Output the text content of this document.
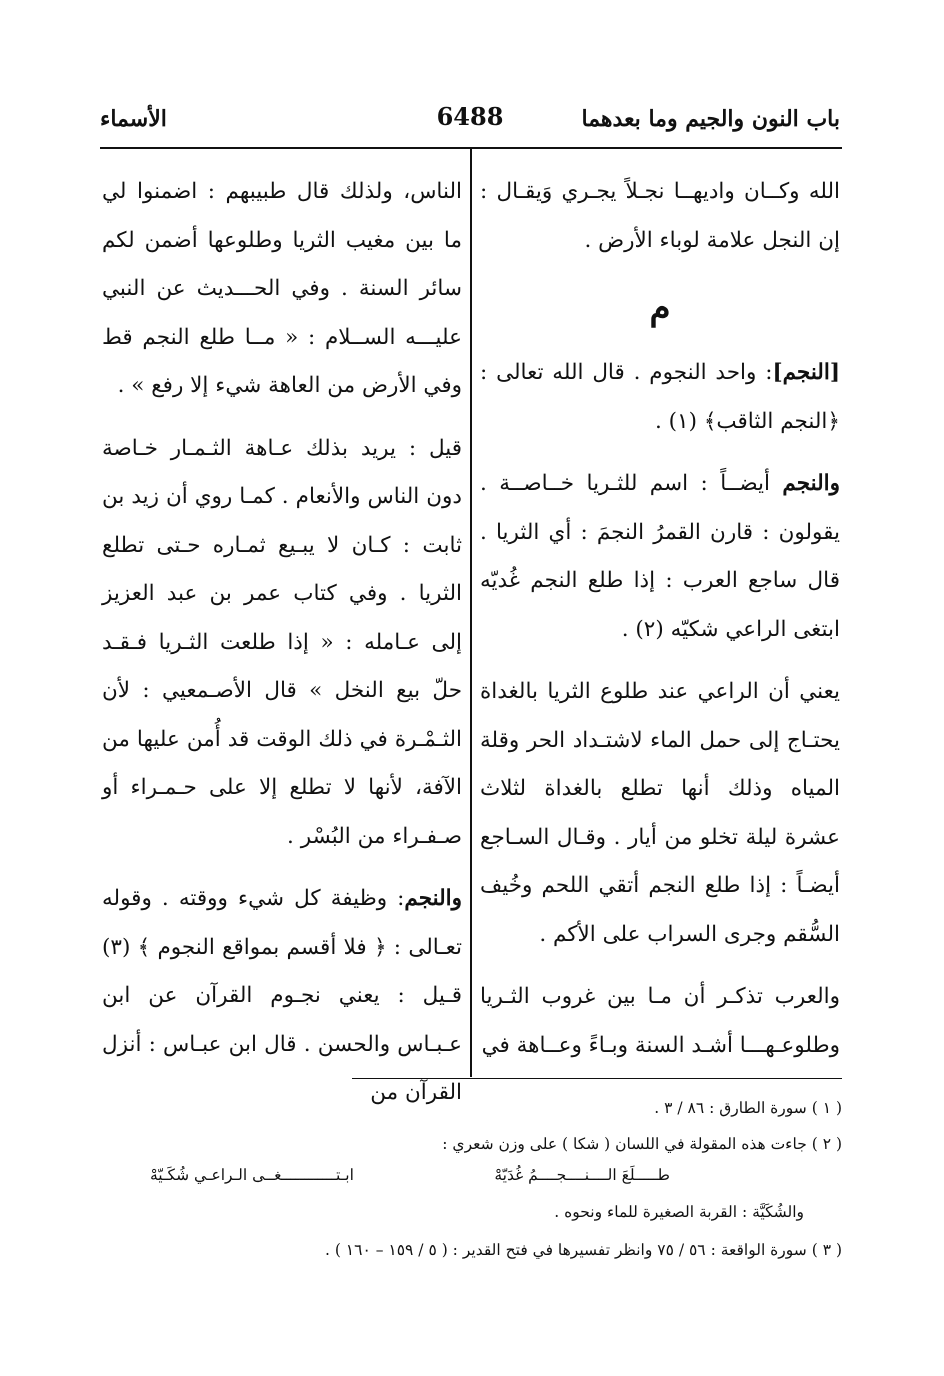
باب النون والجيم وما بعدهما
6488
الأسماء

الله وكــان واديهــا نجـلاً يجـري وَيقـال : إن النجل علامة لوباء الأرض .

م

[النجم]: واحد النجوم . قال الله تعالى : ﴿النجم الثاقب﴾ (١) .

والنجم أيضــاً : اسم للثـريا خــاصــة . يقولون : قارن القمرُ النجمَ : أي الثريا . قال ساجع العرب : إذا طلع النجم غُديّه ابتغى الراعي شكيّه (٢) .

يعني أن الراعي عند طلوع الثريا بالغداة يحتـاج إلى حمل الماء لاشتـداد الحر وقلة المياه وذلك أنها تطلع بالغداة لثلاث عشرة ليلة تخلو من أيار . وقـال السـاجع أيضـاً : إذا طلع النجم أتقي اللحم وخُيف السُّقم وجرى السراب على الأكم .

والعرب تذكـر أن مـا بين غروب الثـريا وطلوعـهـــا أشـد السنة وبـاءً وعــاهة في

الناس، ولذلك قال طبيبهم : اضمنوا لي ما بين مغيب الثريا وطلوعها أضمن لكم سائر السنة . وفي الحـــديث عن النبي عليـــه الســلام : « مــا طلع النجم قط وفي الأرض من العاهة شيء إلا رفع » .

قيل : يريد بذلك عـاهة الثـمـار خـاصة دون الناس والأنعام . كمـا روي أن زيد بن ثابت : كـان لا يبـيع ثمـاره حـتى تطلع الثريا . وفي كتاب عمر بن عبد العزيز إلى عـامله : « إذا طلعت الثـريا فـقـد حلّ بيع النخل » قال الأصـمعيي : لأن الثـمْـرة في ذلك الوقت قد أُمن عليها من الآفة، لأنها لا تطلع إلا على حـمـراء أو صـفـراء من البُسْر .

والنجم: وظيفة كل شيء ووقته . وقوله تعـالى : ﴿ فلا أقسم بمواقع النجوم ﴾ (٣) قـيل : يعني نجـوم القرآن عن ابن عـبـاس والحسن . قال ابن عبـاس : أنزل القرآن من

( ١ ) سورة الطارق : ٨٦ / ٣ .
( ٢ ) جاءت هذه المقولة في اللسان ( شكا ) على وزن شعري :
طـــــلَعَ الــــنــــجــــمُ غُدَيّهْ
ابـتــــــــــــغــى الـراعـي شُكَـيّهْ
والشُكَيَّة : القربة الصغيرة للماء ونحوه .
( ٣ ) سورة الواقعة : ٥٦ / ٧٥ وانظر تفسيرها في فتح القدير : ( ٥ / ١٥٩ – ١٦٠ ) .
